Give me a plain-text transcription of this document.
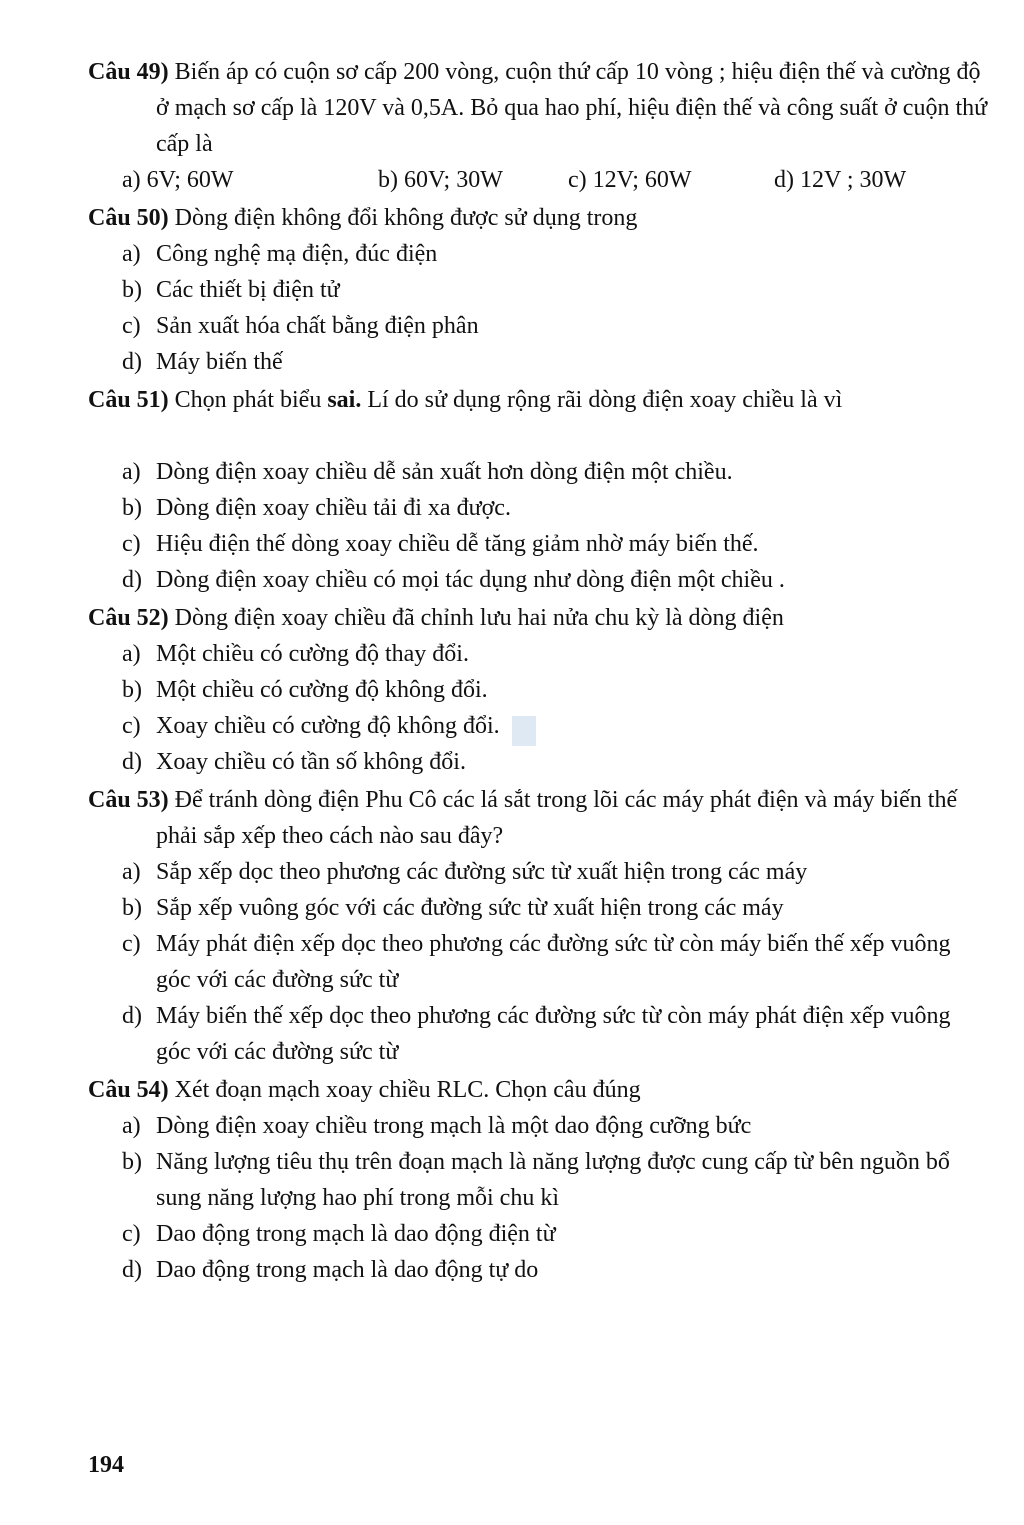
Câu 49) Biến áp có cuộn sơ cấp 200 vòng, cuộn thứ cấp 10 vòng ; hiệu điện thế và cường độ ở mạch sơ cấp là 120V và 0,5A. Bỏ qua hao phí, hiệu điện thế và công suất ở cuộn thứ cấp là

a) 6V; 60W	b) 60V; 30W	c) 12V; 60W	d) 12V ; 30W

Câu 50) Dòng điện không đổi không được sử dụng trong

a) Công nghệ mạ điện, đúc điện

b) Các thiết bị điện tử

c) Sản xuất hóa chất bằng điện phân

d) Máy biến thế

Câu 51) Chọn phát biểu sai. Lí do sử dụng rộng rãi dòng điện xoay chiều là vì

a) Dòng điện xoay chiều dễ sản xuất hơn dòng điện một chiều.

b) Dòng điện xoay chiều tải đi xa được.

c) Hiệu điện thế dòng xoay chiều dễ tăng giảm nhờ máy biến thế.

d) Dòng điện xoay chiều có mọi tác dụng như dòng điện một chiều .

Câu 52) Dòng điện xoay chiều đã chỉnh lưu hai nửa chu kỳ là dòng điện

a) Một chiều có cường độ thay đổi.

b) Một chiều có cường độ không đổi.

c) Xoay chiều có cường độ không đổi.

d) Xoay chiều có tần số không đổi.

Câu 53) Để tránh dòng điện Phu Cô các lá sắt trong lõi các máy phát điện và máy biến thế phải sắp xếp theo cách nào sau đây?

a) Sắp xếp dọc theo phương các đường sức từ xuất hiện trong các máy

b) Sắp xếp vuông góc với các đường sức từ xuất hiện trong các máy

c) Máy phát điện xếp dọc theo phương các đường sức từ còn máy biến thế xếp vuông góc với các đường sức từ

d) Máy biến thế xếp dọc theo phương các đường sức từ còn máy phát điện xếp vuông góc với các đường sức từ

Câu 54) Xét đoạn mạch xoay chiều RLC. Chọn câu đúng

a) Dòng điện xoay chiều trong mạch là một dao động cưỡng bức

b) Năng lượng tiêu thụ trên đoạn mạch là năng lượng được cung cấp từ bên nguồn bổ sung năng lượng hao phí trong mỗi chu kì

c) Dao động trong mạch là dao động điện từ

d) Dao động trong mạch là dao động tự do

194
